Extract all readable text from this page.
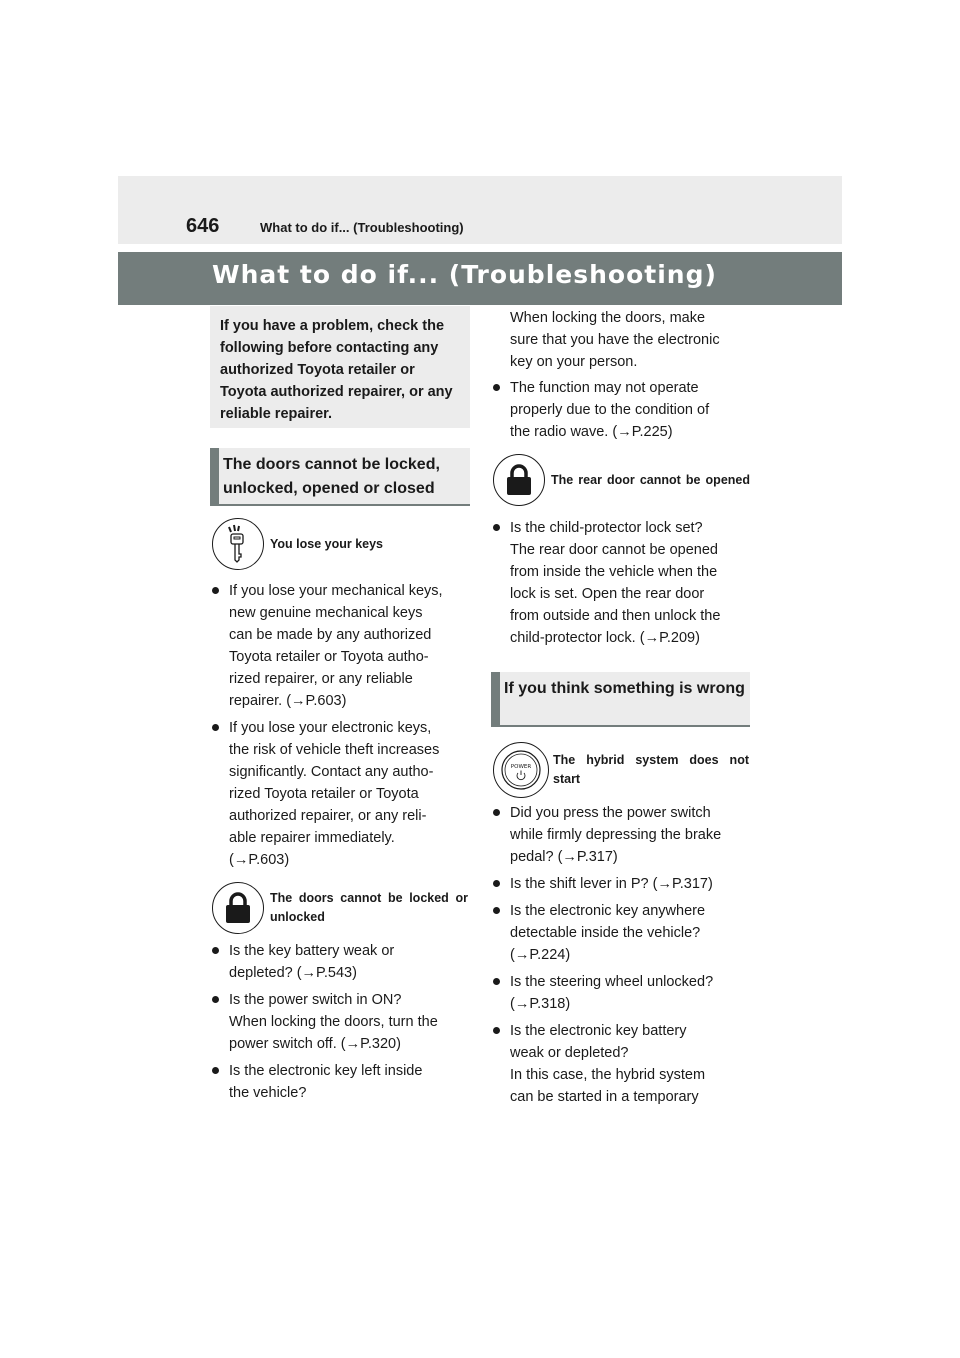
646	What to do if... (Troubleshooting)
What to do if... (Troubleshooting)
If you have a problem, check the following before contacting any authorized Toyota retailer or Toyota authorized repairer, or any reliable repairer.
The doors cannot be locked, unlocked, opened or closed
You lose your keys
If you lose your mechanical keys,
new genuine mechanical keys
can be made by any authorized
Toyota retailer or Toyota autho-
rized repairer, or any reliable
repairer. (→P.603)
If you lose your electronic keys,
the risk of vehicle theft increases
significantly. Contact any autho-
rized Toyota retailer or Toyota
authorized repairer, or any reli-
able repairer immediately.
(→P.603)
The doors cannot be locked or unlocked
Is the key battery weak or
depleted? (→P.543)
Is the power switch in ON?
When locking the doors, turn the
power switch off. (→P.320)
Is the electronic key left inside
the vehicle?
When locking the doors, make
sure that you have the electronic
key on your person.
The function may not operate
properly due to the condition of
the radio wave. (→P.225)
The rear door cannot be opened
Is the child-protector lock set?
The rear door cannot be opened
from inside the vehicle when the
lock is set. Open the rear door
from outside and then unlock the
child-protector lock. (→P.209)
If you think something is wrong
POWER The hybrid system does not start
Did you press the power switch
while firmly depressing the brake
pedal? (→P.317)
Is the shift lever in P? (→P.317)
Is the electronic key anywhere
detectable inside the vehicle?
(→P.224)
Is the steering wheel unlocked?
(→P.318)
Is the electronic key battery
weak or depleted?
In this case, the hybrid system
can be started in a temporary
